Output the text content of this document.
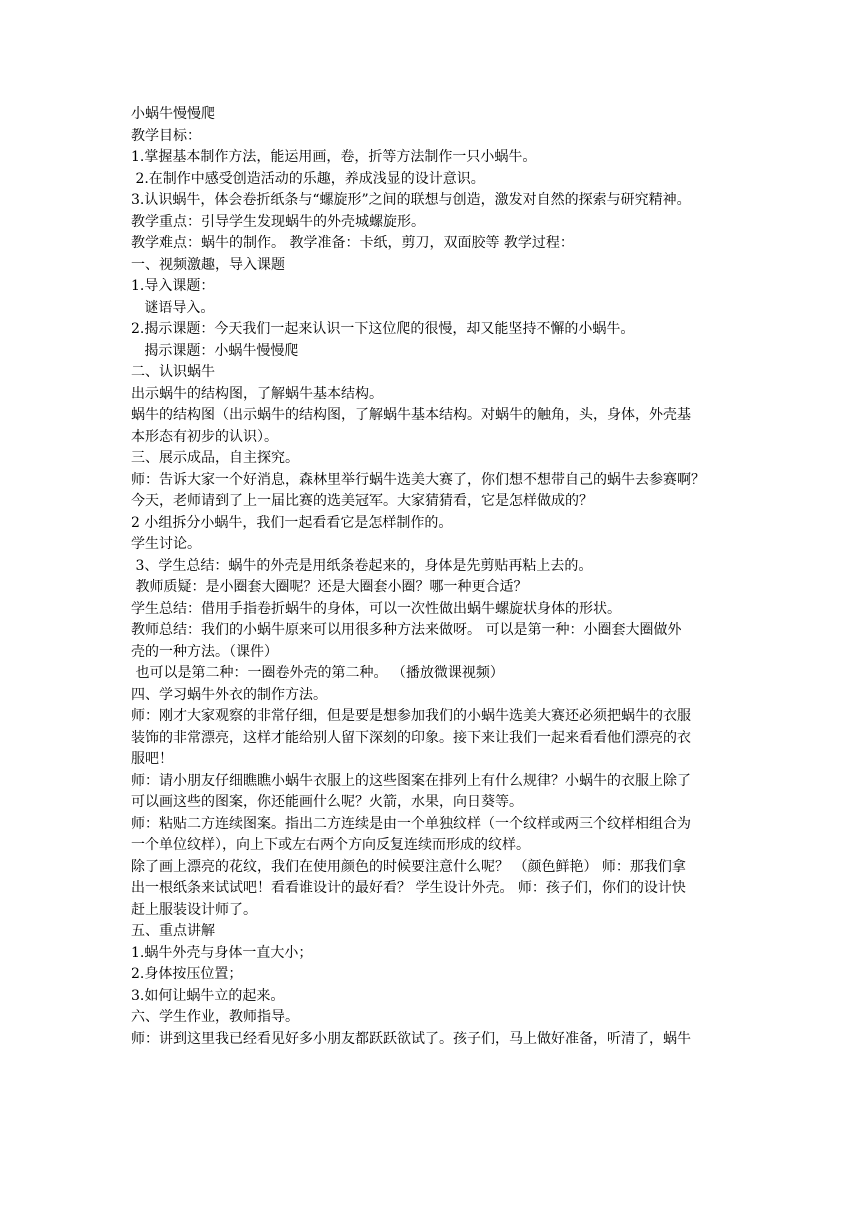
小蜗牛慢慢爬

教学目标：

1.掌握基本制作方法，能运用画，卷，折等方法制作一只小蜗牛。

2.在制作中感受创造活动的乐趣，养成浅显的设计意识。

3.认识蜗牛，体会卷折纸条与“螺旋形”之间的联想与创造，激发对自然的探索与研究精神。

教学重点：引导学生发现蜗牛的外壳城螺旋形。

教学难点：蜗牛的制作。 教学准备：卡纸，剪刀，双面胶等 教学过程：

一、视频激趣，导入课题

1.导入课题：

谜语导入。

2.揭示课题：今天我们一起来认识一下这位爬的很慢，却又能坚持不懈的小蜗牛。

揭示课题：小蜗牛慢慢爬

二、认识蜗牛

出示蜗牛的结构图，了解蜗牛基本结构。

蜗牛的结构图（出示蜗牛的结构图，了解蜗牛基本结构。对蜗牛的触角，头，身体，外壳基

本形态有初步的认识）。

三、展示成品，自主探究。

师：告诉大家一个好消息，森林里举行蜗牛选美大赛了，你们想不想带自己的蜗牛去参赛啊？

今天，老师请到了上一届比赛的选美冠军。大家猜猜看，它是怎样做成的？

2 小组拆分小蜗牛，我们一起看看它是怎样制作的。

学生讨论。

3、学生总结：蜗牛的外壳是用纸条卷起来的，身体是先剪贴再粘上去的。

教师质疑：是小圈套大圈呢？还是大圈套小圈？哪一种更合适？

学生总结：借用手指卷折蜗牛的身体，可以一次性做出蜗牛螺旋状身体的形状。

教师总结：我们的小蜗牛原来可以用很多种方法来做呀。 可以是第一种：小圈套大圈做外

壳的一种方法。（课件）

也可以是第二种：一圈卷外壳的第二种。 （播放微课视频）

四、学习蜗牛外衣的制作方法。

师：刚才大家观察的非常仔细，但是要是想参加我们的小蜗牛选美大赛还必须把蜗牛的衣服

装饰的非常漂亮，这样才能给别人留下深刻的印象。接下来让我们一起来看看他们漂亮的衣

服吧！

师：请小朋友仔细瞧瞧小蜗牛衣服上的这些图案在排列上有什么规律？小蜗牛的衣服上除了

可以画这些的图案，你还能画什么呢？火箭，水果，向日葵等。

师：粘贴二方连续图案。指出二方连续是由一个单独纹样（一个纹样或两三个纹样相组合为

一个单位纹样），向上下或左右两个方向反复连续而形成的纹样。

除了画上漂亮的花纹，我们在使用颜色的时候要注意什么呢？ （颜色鲜艳） 师：那我们拿

出一根纸条来试试吧！看看谁设计的最好看？ 学生设计外壳。 师：孩子们，你们的设计快

赶上服装设计师了。

五、重点讲解

1.蜗牛外壳与身体一直大小；

2.身体按压位置；

3.如何让蜗牛立的起来。

六、学生作业，教师指导。

师：讲到这里我已经看见好多小朋友都跃跃欲试了。孩子们，马上做好准备，听清了，蜗牛
